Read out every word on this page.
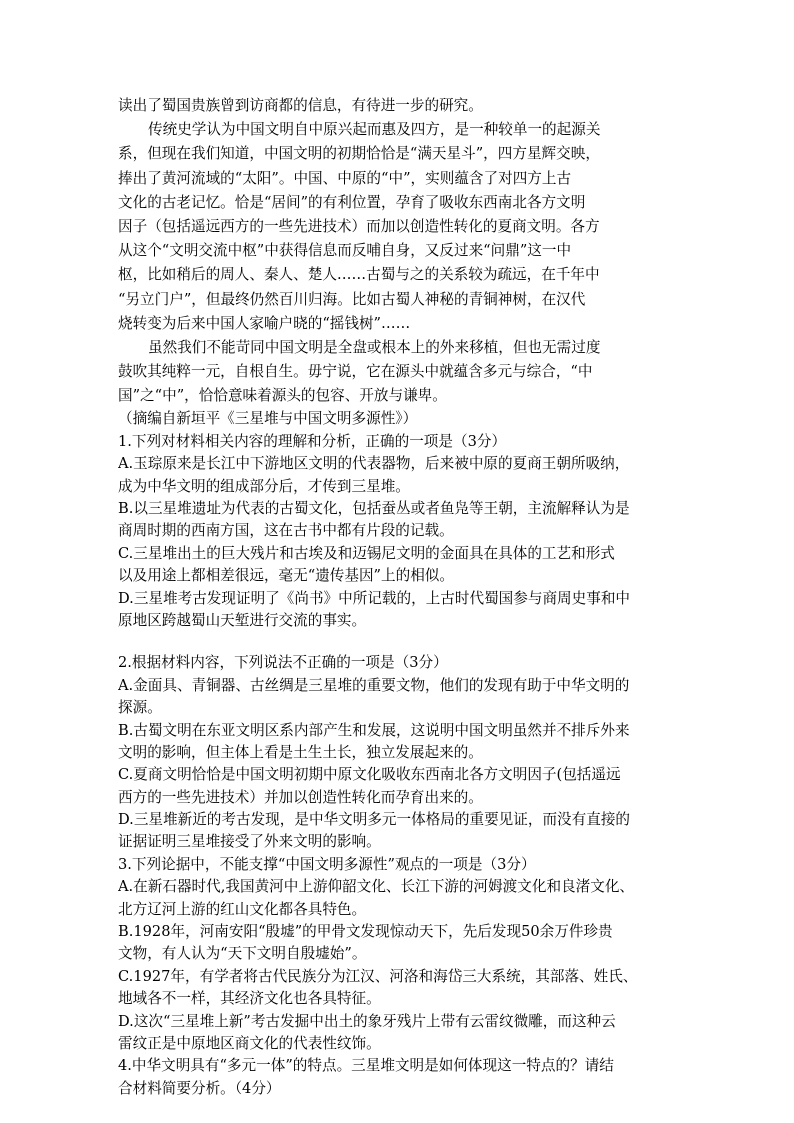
读出了蜀国贵族曾到访商都的信息，有待进一步的研究。
传统史学认为中国文明自中原兴起而惠及四方，是一种较单一的起源关
系，但现在我们知道，中国文明的初期恰恰是“满天星斗”，四方星辉交映，
捧出了黄河流域的“太阳”。中国、中原的“中”，实则蕴含了对四方上古
文化的古老记忆。恰是“居间”的有利位置，孕育了吸收东西南北各方文明
因子（包括遥远西方的一些先进技术）而加以创造性转化的夏商文明。各方
从这个“文明交流中枢”中获得信息而反哺自身，又反过来“问鼎”这一中
枢，比如稍后的周人、秦人、楚人……古蜀与之的关系较为疏远，在千年中
“另立门户”，但最终仍然百川归海。比如古蜀人神秘的青铜神树，在汉代
烧转变为后来中国人家喻户晓的“摇钱树”……
虽然我们不能苛同中国文明是全盘或根本上的外来移植，但也无需过度
鼓吹其纯粹一元，自根自生。毋宁说，它在源头中就蕴含多元与综合，“中
国”之“中”，恰恰意味着源头的包容、开放与谦卑。
（摘编自新垣平《三星堆与中国文明多源性》）
1.下列对材料相关内容的理解和分析，正确的一项是（3分）
A.玉琮原来是长江中下游地区文明的代表器物，后来被中原的夏商王朝所吸纳，
成为中华文明的组成部分后，才传到三星堆。
B.以三星堆遗址为代表的古蜀文化，包括蚕丛或者鱼凫等王朝，主流解释认为是
商周时期的西南方国，这在古书中都有片段的记载。
C.三星堆出土的巨大残片和古埃及和迈锡尼文明的金面具在具体的工艺和形式
以及用途上都相差很远，毫无“遗传基因”上的相似。
D.三星堆考古发现证明了《尚书》中所记载的，上古时代蜀国参与商周史事和中
原地区跨越蜀山天堑进行交流的事实。
2.根据材料内容，下列说法不正确的一项是（3分）
A.金面具、青铜器、古丝绸是三星堆的重要文物，他们的发现有助于中华文明的
探源。
B.古蜀文明在东亚文明区系内部产生和发展，这说明中国文明虽然并不排斥外来
文明的影响，但主体上看是土生土长，独立发展起来的。
C.夏商文明恰恰是中国文明初期中原文化吸收东西南北各方文明因子(包括遥远
西方的一些先进技术）并加以创造性转化而孕育出来的。
D.三星堆新近的考古发现，是中华文明多元一体格局的重要见证，而没有直接的
证据证明三星堆接受了外来文明的影响。
3.下列论据中，不能支撑“中国文明多源性”观点的一项是（3分）
A.在新石器时代,我国黄河中上游仰韶文化、长江下游的河姆渡文化和良渚文化、
北方辽河上游的红山文化都各具特色。
B.1928年，河南安阳“殷墟”的甲骨文发现惊动天下，先后发现50余万件珍贵
文物，有人认为“天下文明自殷墟始”。
C.1927年，有学者将古代民族分为江汉、河洛和海岱三大系统，其部落、姓氏、
地域各不一样，其经济文化也各具特征。
D.这次“三星堆上新”考古发掘中出土的象牙残片上带有云雷纹微雕，而这种云
雷纹正是中原地区商文化的代表性纹饰。
4.中华文明具有“多元一体”的特点。三星堆文明是如何体现这一特点的？请结
合材料简要分析。（4分）
